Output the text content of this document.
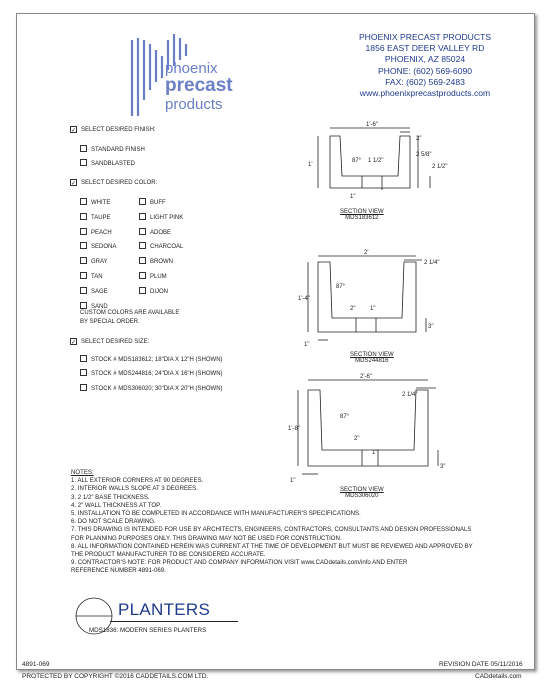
phoenix
precast
products
PHOENIX PRECAST PRODUCTS
1856 EAST DEER VALLEY RD
PHOENIX, AZ 85024
PHONE: (602) 569-6090
FAX: (602) 569-2483
www.phoenixprecastproducts.com
✓ SELECT DESIRED FINISH:
STANDARD FINISH
SANDBLASTED
✓ SELECT DESIRED COLOR:
WHITE
TAUPE
PEACH
SEDONA
GRAY
TAN
SAGE
SAND
BUFF
LIGHT PINK
ADOBE
CHARCOAL
BROWN
PLUM
DIJON
CUSTOM COLORS ARE AVAILABLE
BY SPECIAL ORDER.
✓ SELECT DESIRED SIZE:
STOCK # MDS183612; 18"DIA X 12"H (SHOWN)
STOCK # MDS244816; 24"DIA X 16"H (SHOWN)
STOCK # MDS306020; 30"DIA X 20"H (SHOWN)
1'-6"
2"
2 5/8"
2 1/2"
1'
87° 1 1/2"
1"
SECTION VIEW
MDS183612
2'
2 1/4"
87°
1'-4"
2" 1"
3"
1"
SECTION VIEW
MDS244816
2'-6"
2 1/4"
87°
1'-8"
2"
1"
3"
1"
SECTION VIEW
MDS306020
NOTES:
1. ALL EXTERIOR CORNERS AT 90 DEGREES.
2. INTERIOR WALLS SLOPE AT 3 DEGREES.
3. 2 1/2" BASE THICKNESS.
4. 2" WALL THICKNESS AT TOP.
5. INSTALLATION TO BE COMPLETED IN ACCORDANCE WITH MANUFACTURER'S SPECIFICATIONS.
6. DO NOT SCALE DRAWING.
7. THIS DRAWING IS INTENDED FOR USE BY ARCHITECTS, ENGINEERS, CONTRACTORS, CONSULTANTS AND DESIGN PROFESSIONALS
FOR PLANNING PURPOSES ONLY. THIS DRAWING MAY NOT BE USED FOR CONSTRUCTION.
8. ALL INFORMATION CONTAINED HEREIN WAS CURRENT AT THE TIME OF DEVELOPMENT BUT MUST BE REVIEWED AND APPROVED BY
THE PRODUCT MANUFACTURER TO BE CONSIDERED ACCURATE.
9. CONTRACTOR'S NOTE: FOR PRODUCT AND COMPANY INFORMATION VISIT www.CADdetails.com/info AND ENTER
REFERENCE NUMBER 4891-069.
PLANTERS
MDS1836: MODERN SERIES PLANTERS
4891-069	REVISION DATE 05/11/2016
PROTECTED BY COPYRIGHT ©2016 CADDETAILS.COM LTD.	CADdetails.com
